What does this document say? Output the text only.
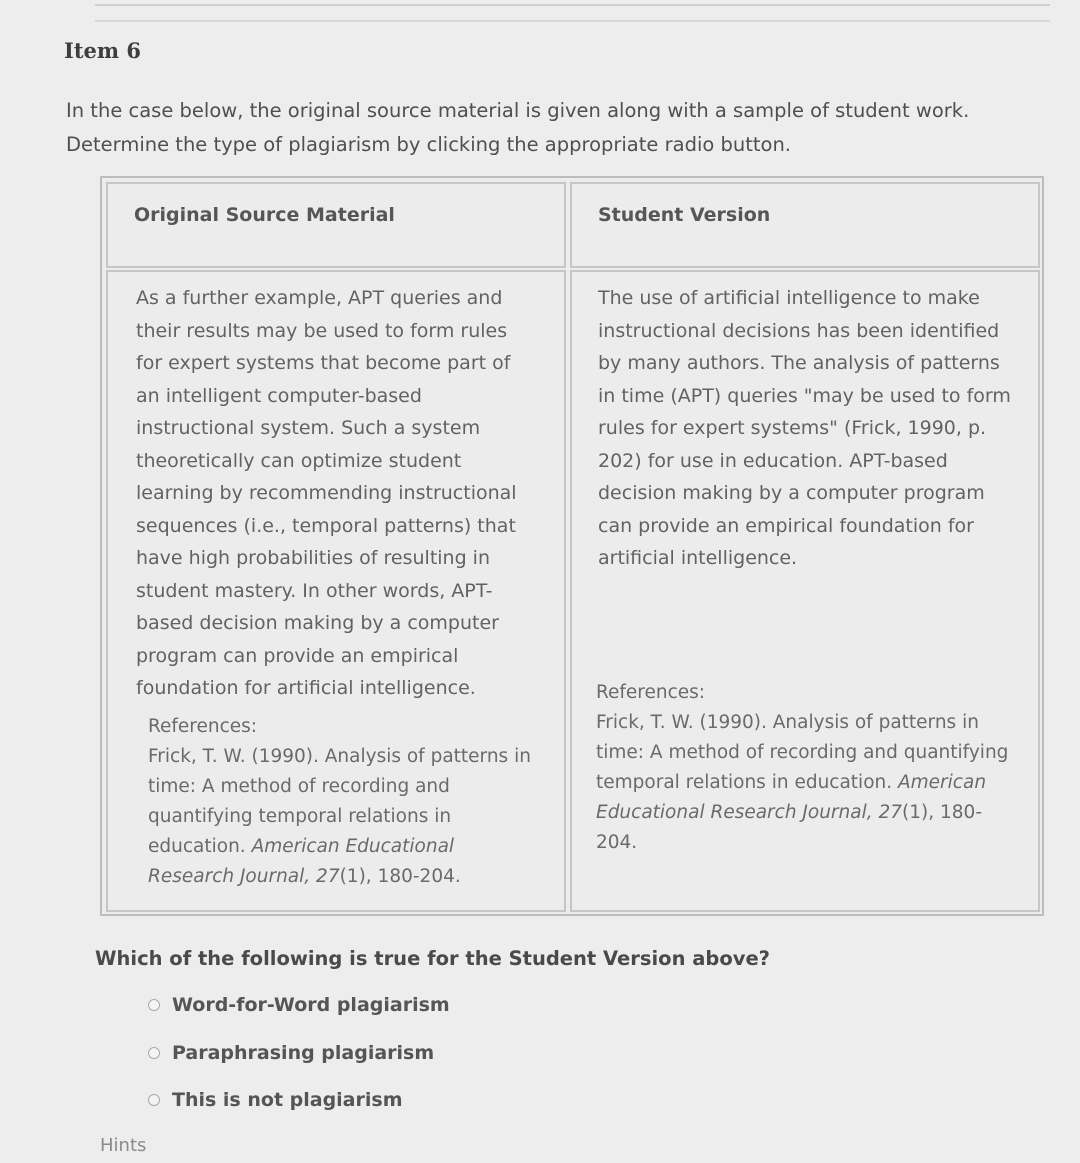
Item 6
In the case below, the original source material is given along with a sample of student work.
Determine the type of plagiarism by clicking the appropriate radio button.
Original Source Material	Student Version
As a further example, APT queries and their results may be used to form rules for expert systems that become part of an intelligent computer-based instructional system. Such a system theoretically can optimize student learning by recommending instructional sequences (i.e., temporal patterns) that have high probabilities of resulting in student mastery. In other words, APT-based decision making by a computer program can provide an empirical foundation for artificial intelligence.
References:
Frick, T. W. (1990). Analysis of patterns in time: A method of recording and quantifying temporal relations in education. American Educational Research Journal, 27(1), 180-204.
The use of artificial intelligence to make instructional decisions has been identified by many authors. The analysis of patterns in time (APT) queries "may be used to form rules for expert systems" (Frick, 1990, p. 202) for use in education. APT-based decision making by a computer program can provide an empirical foundation for artificial intelligence.
References:
Frick, T. W. (1990). Analysis of patterns in time: A method of recording and quantifying temporal relations in education. American Educational Research Journal, 27(1), 180-204.
Which of the following is true for the Student Version above?
Word-for-Word plagiarism
Paraphrasing plagiarism
This is not plagiarism
Hints
